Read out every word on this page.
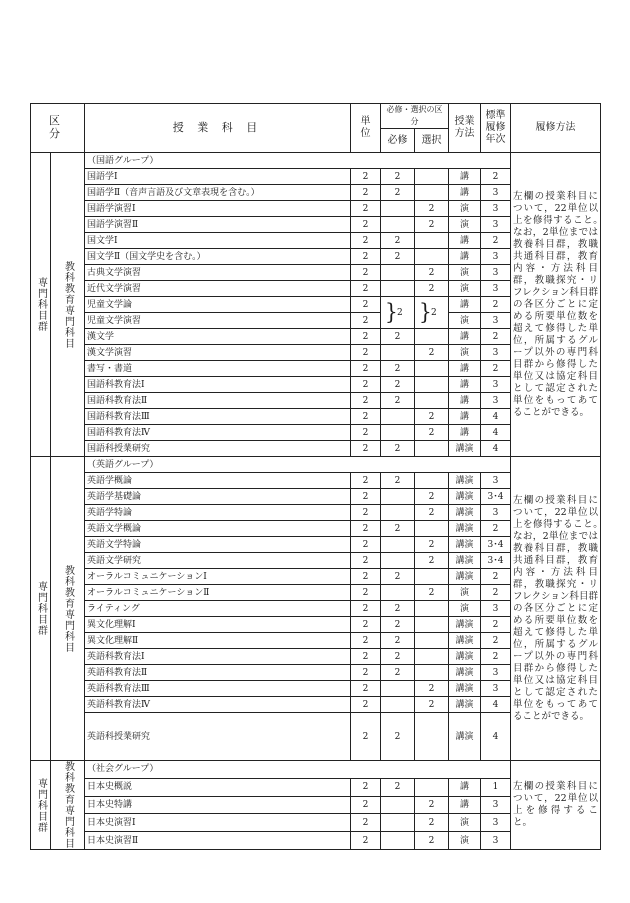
区　分		授 業 科 目	単位	必修・選択の区分		授業方法	標準履修年次	履修方法
				必修	選択			

専門科目群	教科教育専門科目	（国語グループ）						左欄の授業科目について，22単位以上を修得すること。　なお，2単位までは教養科目群，教職共通科目群，教育内容・方法科目群，教職探究・リフレクション科目群の各区分ごとに定める所要単位数を超えて修得した単位，所属するグループ以外の専門科目群から修得した単位又は協定科目として認定された単位をもってあてることができる。
		国語学Ⅰ	2	2		講	2	
		国語学Ⅱ（音声言語及び文章表現を含む。）	2	2		講	3	
		国語学演習Ⅰ	2		2	演	3	
		国語学演習Ⅱ	2		2	演	3	
		国文学Ⅰ	2	2		講	2	
		国文学Ⅱ（国文学史を含む。）	2	2		講	3	
		古典文学演習	2		2	演	3	
		近代文学演習	2		2	演	3	
		児童文学論	2	} 2	} 2	講	2	
		児童文学演習	2			演	3	
		漢文学	2	2		講	2	
		漢文学演習	2		2	演	3	
		書写・書道	2	2		講	2	
		国語科教育法Ⅰ	2	2		講	3	
		国語科教育法Ⅱ	2	2		講	3	
		国語科教育法Ⅲ	2		2	講	4	
		国語科教育法Ⅳ	2		2	講	4	
		国語科授業研究	2	2		講演	4	

専門科目群	教科教育専門科目	（英語グループ）						左欄の授業科目について，22単位以上を修得すること。　なお，2単位までは教養科目群，教職共通科目群，教育内容・方法科目群，教職探究・リフレクション科目群の各区分ごとに定める所要単位数を超えて修得した単位，所属するグループ以外の専門科目群から修得した単位又は協定科目として認定された単位をもってあてることができる。
		英語学概論	2	2		講演	3	
		英語学基礎論	2		2	講演	3･4	
		英語学特論	2		2	講演	3	
		英語文学概論	2	2		講演	2	
		英語文学特論	2		2	講演	3･4	
		英語文学研究	2		2	講演	3･4	
		オーラルコミュニケーションⅠ	2	2		講演	2	
		オーラルコミュニケーションⅡ	2		2	演	2	
		ライティング	2	2		演	3	
		異文化理解Ⅰ	2	2		講演	2	
		異文化理解Ⅱ	2	2		講演	2	
		英語科教育法Ⅰ	2	2		講演	2	
		英語科教育法Ⅱ	2	2		講演	3	
		英語科教育法Ⅲ	2		2	講演	3	
		英語科教育法Ⅳ	2		2	講演	4	
		英語科授業研究	2	2		講演	4	

専門科目群	教科教育専門科目	（社会グループ）						左欄の授業科目について，22単位以上を修得すること。
		日本史概説	2	2		講	1	
		日本史特講	2		2	講	3	
		日本史演習Ⅰ	2		2	演	3	
		日本史演習Ⅱ	2		2	演	3	
